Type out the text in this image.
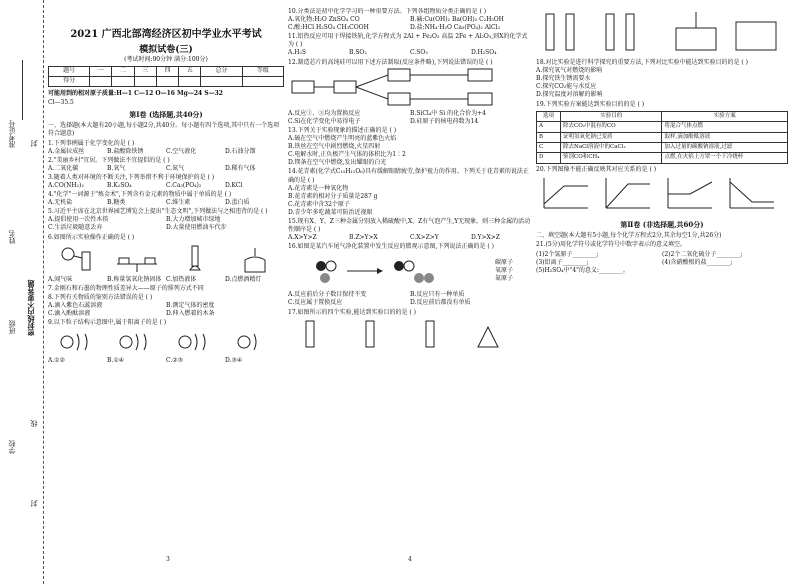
准考证号
姓名
密封线内不要答题
班级
学校
封
线
封
2021 广西北部湾经济区初中学业水平考试
模拟试卷(三)
(考试时间:90分钟 满分:100分)
题号	一	二	三	四	五	总分	等级
得分							
可能用到的相对原子质量:H—1 C—12 O—16 Mg—24 S—32
Cl—35.5
第Ⅰ卷 (选择题,共40分)
一、选择题(本大题有20小题,每小题2分,共40分。每小题有四个选项,其中只有一个选项符合题意)
1.下列事例属于化学变化的是 ( )
A.金属拉成丝	B.盐酸除铁锈	C.空气液化	D.石油分馏
2."美丽乡村"宜居。下列做法不宜提倡的是 ( )
A.二氧化碳	B.氧气	C.氮气	D.稀有气体
3.随着人类对环境的不断关注,下列举措不利于环境保护的是 ( )
A.CO(NH₂)₂	B.K₂SO₄	C.Ca₃(PO₄)₂	D.KCl
4."化学"一词源于"炼金术",下列含有金元素的物质中属于单质的是 ( )
A.无机盐	B.糖类	C.维生素	D.蛋白质
5.习近平主席在北京世界园艺博览会上提出"生态文明",下列做法与之相违背的是 ( )
A.提倡使用一次性木筷	B.大力增加城市绿地
C.生活垃圾随意丢弃	D.大量使用燃油车代步
6.如图所示实验操作正确的是 ( )
A.闻气味	B.称量氢氧化钠固体 C.加热液体	D.点燃酒精灯
7.金刚石和石墨的物理性质差异大——原子的排列方式不同
8.下列有关物质的鉴别方法错误的是 ( )
A.滴入紫色石蕊溶液	B.测定气体的密度
C.滴入酚酞溶液	D.伸入燃着的木条
9.以下粒子结构示意图中,属于阳离子的是 ( )
A.①②	B.①④	C.②③	D.③④
3
10.分类法是初中化学学习的一种重要方法。下列各组物质分类正确的是 ( )
A.氧化物:H₂O ZnSO₄ CO	B.碱:Cu(OH)₂ Ba(OH)₂ C₂H₅OH
C.酸:HCl H₂SO₄ CH₃COOH	D.盐:NH₄·H₂O Ca₃(PO₄)₂ AlCl₃
11.铝热反应可用于焊接铁轨,化学方程式为 2Al + Fe₂O₃ 高温 2Fe + Al₂O₃,则X的化学式为 ( )
A.H₂S	B.SO₂	C.SO₃	D.H₂SO₄
12.制造芯片的高纯硅可以用下述方法制取(反应条件略),下列说法错误的是 ( )
A.反应①、③均为置换反应	B.SiCl₄中 Si 的化合价为+4
C.Si在化学变化中易得电子	D.硅原子的核电荷数为14
13.下列关于实验现象的描述正确的是 ( )
A.硫在空气中燃烧产生明亮的蓝紫色火焰
B.铁丝在空气中剧烈燃烧,火星四射
C.电解水时,正负极产生气体的体积比为1∶2
D.镁条在空气中燃烧,发出耀眼的白光
14.花青素(化学式C₁₅H₁₁O₆)具有缓解眼睛疲劳,保护视力的作用。下列关于花青素的说法正确的是 ( )
A.花青素是一种氧化物
B.花青素的相对分子质量是287 g
C.花青素中含32个原子
D.青少年多吃蔬菜可防治近视眼
15.现有X、Y、Z三种金属分别放入稀硫酸中,X、Z有气泡产生,Y无现象。则三种金属的活动性顺序是 ( )
A.X>Y>Z	B.Z>Y>X	C.X>Z>Y	D.Y>X>Z
16.如图是某汽车尾气净化装置中发生反应的微观示意图,下列说法正确的是 ( )
碳原子
氧原子
氮原子
A.反应前后分子数目保持不变	B.反应只有一种单质
C.反应属于置换反应	D.反应前后都没有单质
17.如图所示的四个实验,能达到实验目的的是 ( )
4
18.对比实验是进行科学探究的重要方法,下列对比实验中能达到实验目的的是 ( )
A.探究氧气对燃烧的影响
B.探究铁生锈需要水
C.探究CO₂能与水反应
D.探究温度对溶解的影响
19.下列实验方案能达到实验目的的是 ( )
选项	实验目的	实验方案
A	除去CO₂中混有的CO	将混合气体点燃
B	证明氢氧化钠已变质	取样,滴加酚酞溶液
C	除去NaCl溶液中的CaCl₂	加入过量的碳酸钠溶液,过滤
D	鉴别CO和CH₄	点燃,在火焰上方罩一个干冷烧杯
20.下列图像不能正确反映其对应关系的是 ( )
第Ⅱ卷 (非选择题,共60分)
二、填空题(本大题有5小题,每个化学方程式2分,其余每空1分,共26分)
21.(5分)用化学符号或化学符号中数字表示的意义填空。
(1)2个氢原子________;	(2)2个二氧化硫分子________;
(3)铝离子________;	(4)含硝酸根的盐________;
(5)H₂SO₄中"4"的意义:________。
